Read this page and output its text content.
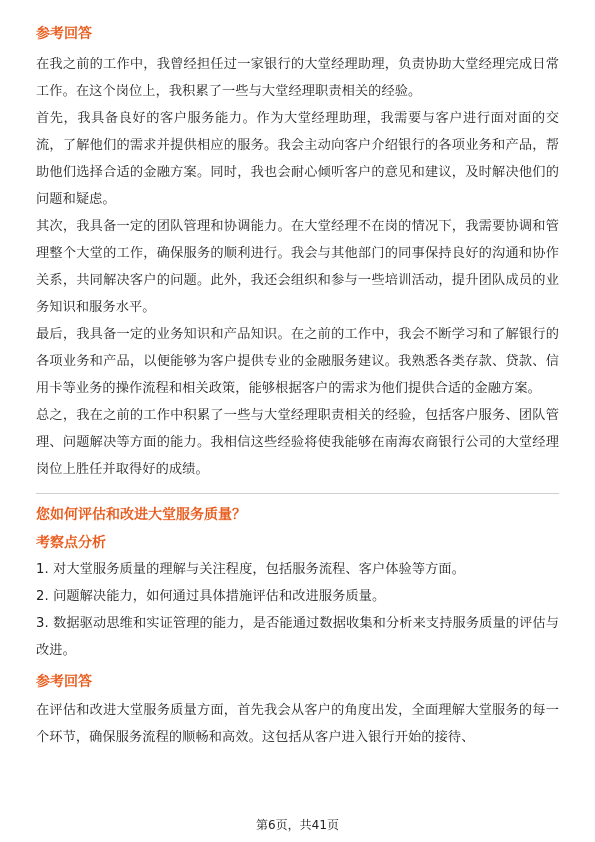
参考回答

在我之前的工作中，我曾经担任过一家银行的大堂经理助理，负责协助大堂经理完成日常工作。在这个岗位上，我积累了一些与大堂经理职责相关的经验。

首先，我具备良好的客户服务能力。作为大堂经理助理，我需要与客户进行面对面的交流，了解他们的需求并提供相应的服务。我会主动向客户介绍银行的各项业务和产品，帮助他们选择合适的金融方案。同时，我也会耐心倾听客户的意见和建议，及时解决他们的问题和疑虑。

其次，我具备一定的团队管理和协调能力。在大堂经理不在岗的情况下，我需要协调和管理整个大堂的工作，确保服务的顺利进行。我会与其他部门的同事保持良好的沟通和协作关系，共同解决客户的问题。此外，我还会组织和参与一些培训活动，提升团队成员的业务知识和服务水平。

最后，我具备一定的业务知识和产品知识。在之前的工作中，我会不断学习和了解银行的各项业务和产品，以便能够为客户提供专业的金融服务建议。我熟悉各类存款、贷款、信用卡等业务的操作流程和相关政策，能够根据客户的需求为他们提供合适的金融方案。

总之，我在之前的工作中积累了一些与大堂经理职责相关的经验，包括客户服务、团队管理、问题解决等方面的能力。我相信这些经验将使我能够在南海农商银行公司的大堂经理岗位上胜任并取得好的成绩。

您如何评估和改进大堂服务质量？
考察点分析

1. 对大堂服务质量的理解与关注程度，包括服务流程、客户体验等方面。

2. 问题解决能力，如何通过具体措施评估和改进服务质量。

3. 数据驱动思维和实证管理的能力，是否能通过数据收集和分析来支持服务质量的评估与改进。

参考回答

在评估和改进大堂服务质量方面，首先我会从客户的角度出发，全面理解大堂服务的每一个环节，确保服务流程的顺畅和高效。这包括从客户进入银行开始的接待、

第6页，共41页
